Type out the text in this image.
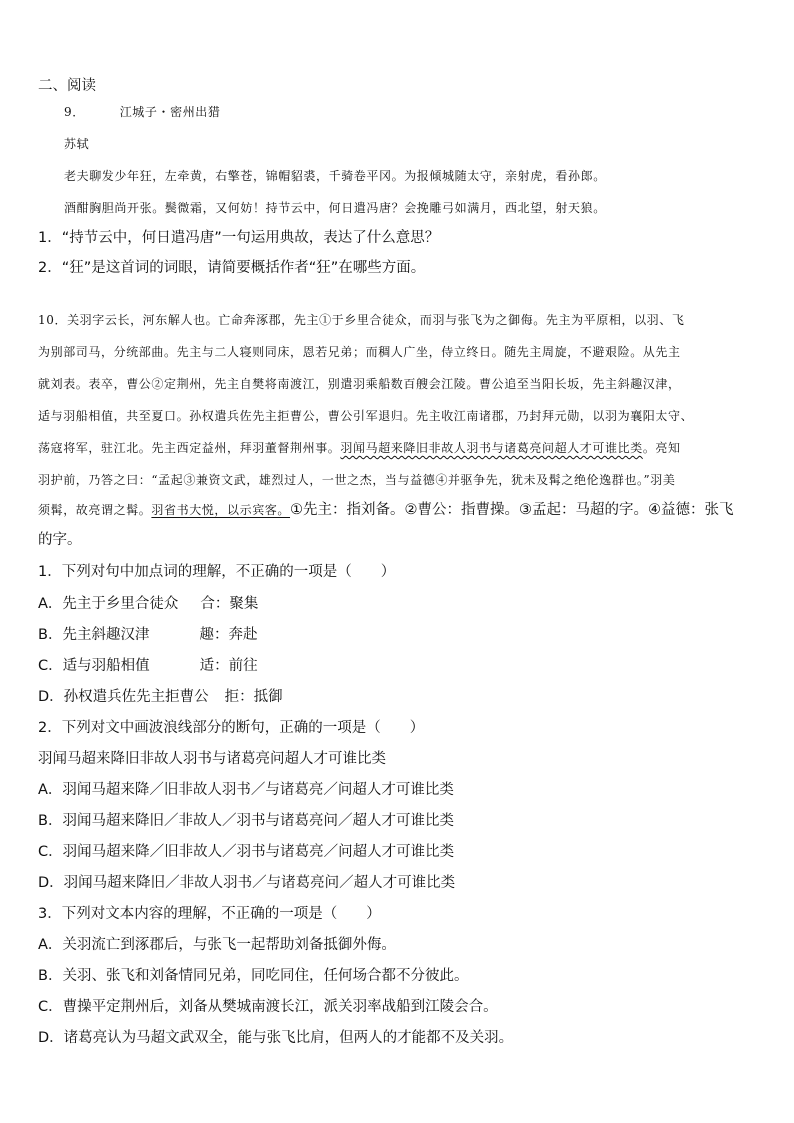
二、阅读
9．	江城子・密州出猎
苏轼
老夫聊发少年狂，左牵黄，右擎苍，锦帽貂裘，千骑卷平冈。为报倾城随太守，亲射虎，看孙郎。
酒酣胸胆尚开张。鬓微霜，又何妨！持节云中，何日遣冯唐？会挽雕弓如满月，西北望，射天狼。
1．“持节云中，何日遣冯唐”一句运用典故，表达了什么意思？
2．“狂”是这首词的词眼，请简要概括作者“狂”在哪些方面。
10．关羽字云长，河东解人也。亡命奔涿郡，先主①于乡里合徒众，而羽与张飞为之御侮。先主为平原相，以羽、飞
为别部司马，分统部曲。先主与二人寝则同床，恩若兄弟；而稠人广坐，侍立终日。随先主周旋，不避艰险。从先主
就刘表。表卒，曹公②定荆州，先主自樊将南渡江，别遣羽乘船数百艘会江陵。曹公追至当阳长坂，先主斜趣汉津，
适与羽船相值，共至夏口。孙权遣兵佐先主拒曹公，曹公引军退归。先主收江南诸郡，乃封拜元勋，以羽为襄阳太守、
荡寇将军，驻江北。先主西定益州，拜羽董督荆州事。羽闻马超来降旧非故人羽书与诸葛亮问超人才可谁比类。亮知
羽护前，乃答之曰：“孟起③兼资文武，雄烈过人，一世之杰，当与益德④并驱争先，犹未及髯之绝伦逸群也。”羽美
须髯，故亮谓之髯。羽省书大悦，以示宾客。①先主：指刘备。②曹公：指曹操。③孟起：马超的字。④益德：张飞
的字。
1．下列对句中加点词的理解，不正确的一项是（　　）
A．先主于乡里合徒众 合：聚集
B．先主斜趣汉津	趣：奔赴
C．适与羽船相值	适：前往
D．孙权遣兵佐先主拒曹公 拒：抵御
2．下列对文中画波浪线部分的断句，正确的一项是（　　）
羽闻马超来降旧非故人羽书与诸葛亮问超人才可谁比类
A．羽闻马超来降／旧非故人羽书／与诸葛亮／问超人才可谁比类
B．羽闻马超来降旧／非故人／羽书与诸葛亮问／超人才可谁比类
C．羽闻马超来降／旧非故人／羽书与诸葛亮／问超人才可谁比类
D．羽闻马超来降旧／非故人羽书／与诸葛亮问／超人才可谁比类
3．下列对文本内容的理解，不正确的一项是（　　）
A．关羽流亡到涿郡后，与张飞一起帮助刘备抵御外侮。
B．关羽、张飞和刘备情同兄弟，同吃同住，任何场合都不分彼此。
C．曹操平定荆州后，刘备从樊城南渡长江，派关羽率战船到江陵会合。
D．诸葛亮认为马超文武双全，能与张飞比肩，但两人的才能都不及关羽。
